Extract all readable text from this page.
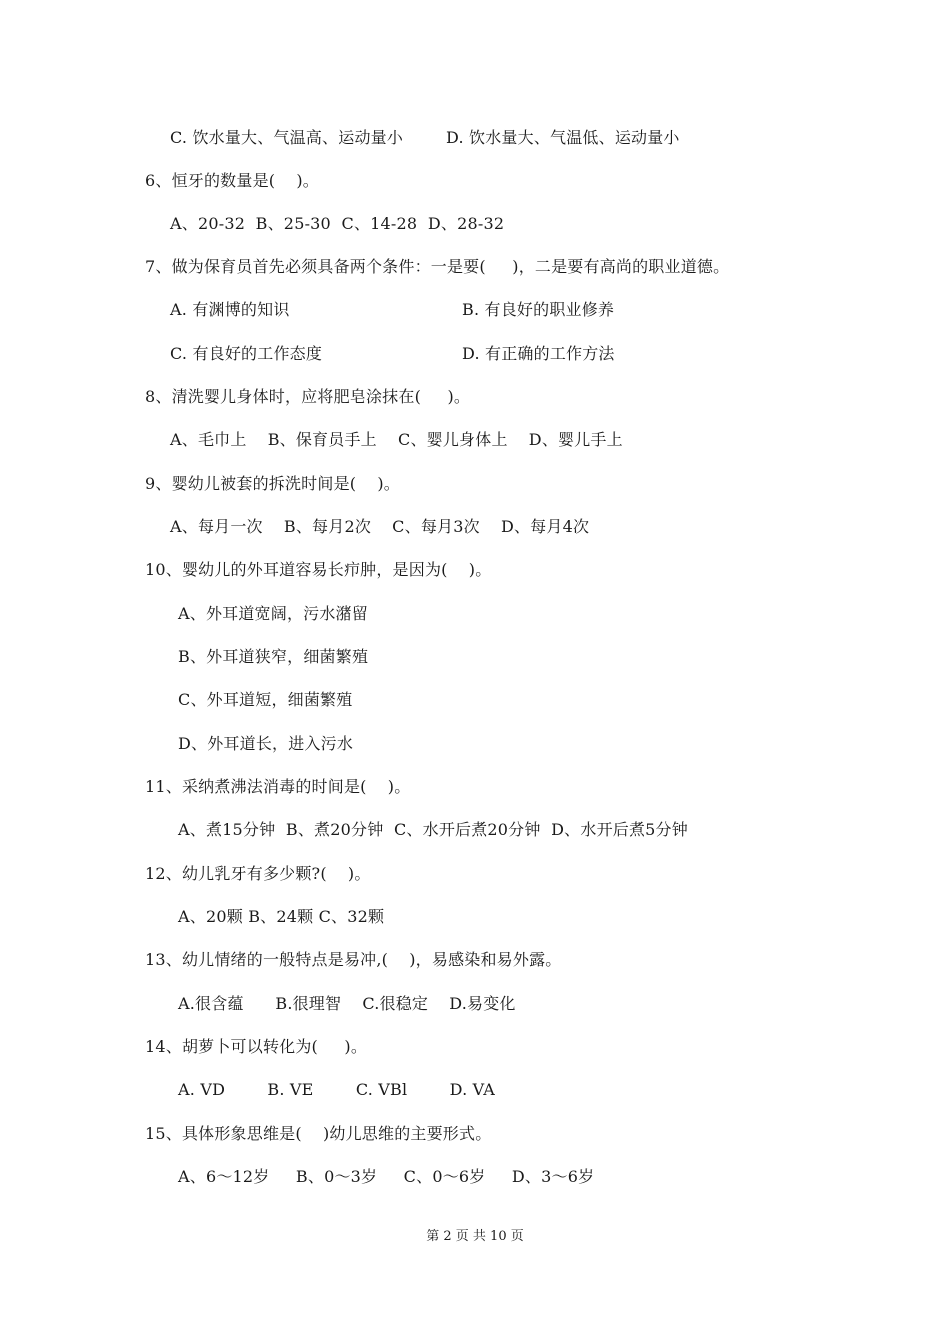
C. 饮水量大、气温高、运动量小	D. 饮水量大、气温低、运动量小
6、恒牙的数量是(    )。
A、20-32  B、25-30  C、14-28  D、28-32
7、做为保育员首先必须具备两个条件：一是要(     )，二是要有高尚的职业道德。
A. 有渊博的知识	B. 有良好的职业修养
C. 有良好的工作态度	D. 有正确的工作方法
8、清洗婴儿身体时，应将肥皂涂抹在(     )。
A、毛巾上    B、保育员手上    C、婴儿身体上    D、婴儿手上
9、婴幼儿被套的拆洗时间是(    )。
A、每月一次    B、每月2次    C、每月3次    D、每月4次
10、婴幼儿的外耳道容易长疖肿，是因为(    )。
A、外耳道宽阔，污水潴留
B、外耳道狭窄，细菌繁殖
C、外耳道短，细菌繁殖
D、外耳道长，进入污水
11、采纳煮沸法消毒的时间是(    )。
A、煮15分钟  B、煮20分钟  C、水开后煮20分钟  D、水开后煮5分钟
12、幼儿乳牙有多少颗?(    )。
A、20颗 B、24颗 C、32颗
13、幼儿情绪的一般特点是易冲,(    )，易感染和易外露。
A.很含蕴      B.很理智    C.很稳定    D.易变化
14、胡萝卜可以转化为(     )。
A. VD        B. VE        C. VBl        D. VA
15、具体形象思维是(    )幼儿思维的主要形式。
A、6～12岁     B、0～3岁     C、0～6岁     D、3～6岁
第 2 页 共 10 页
